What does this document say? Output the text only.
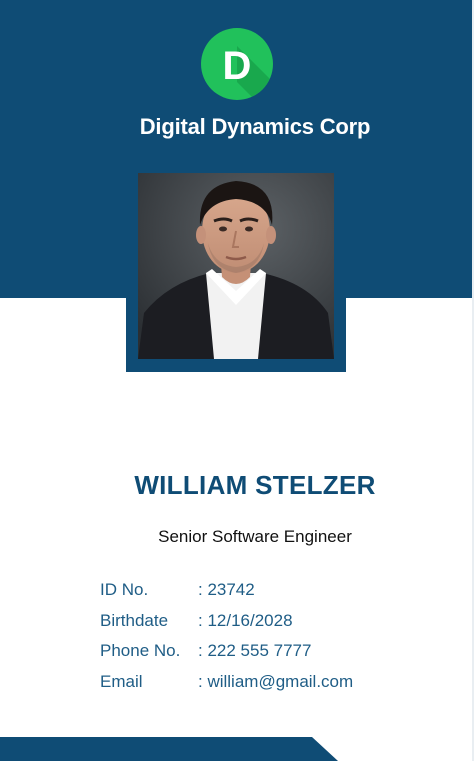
D
Digital Dynamics Corp
WILLIAM STELZER
Senior Software Engineer
ID No.	: 23742
Birthdate	: 12/16/2028
Phone No.	: 222 555 7777
Email	: william@gmail.com
